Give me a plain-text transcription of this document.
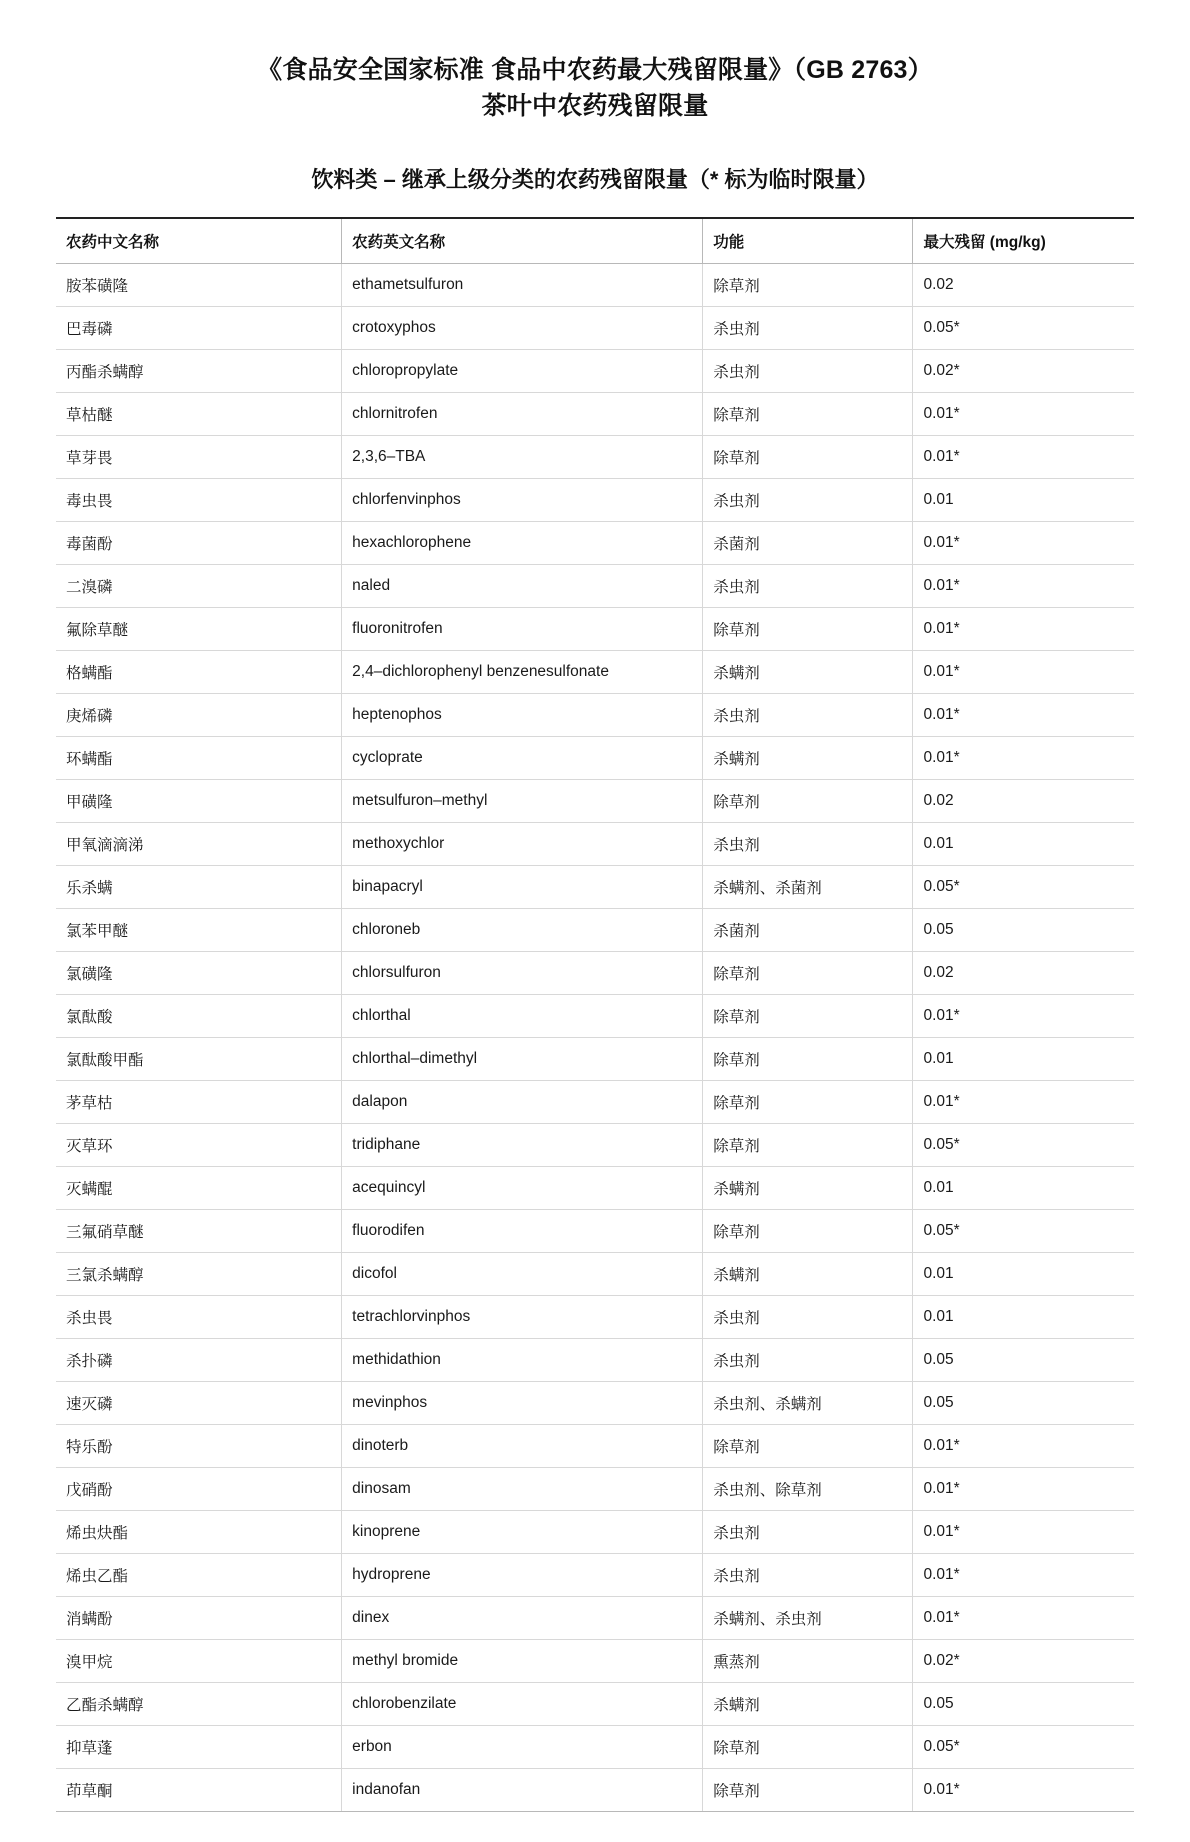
《食品安全国家标准 食品中农药最大残留限量》（GB 2763）
茶叶中农药残留限量
饮料类 – 继承上级分类的农药残留限量（* 标为临时限量）
农药中文名称	农药英文名称	功能	最大残留 (mg/kg)
胺苯磺隆	ethametsulfuron	除草剂	0.02
巴毒磷	crotoxyphos	杀虫剂	0.05*
丙酯杀螨醇	chloropropylate	杀虫剂	0.02*
草枯醚	chlornitrofen	除草剂	0.01*
草芽畏	2,3,6–TBA	除草剂	0.01*
毒虫畏	chlorfenvinphos	杀虫剂	0.01
毒菌酚	hexachlorophene	杀菌剂	0.01*
二溴磷	naled	杀虫剂	0.01*
氟除草醚	fluoronitrofen	除草剂	0.01*
格螨酯	2,4–dichlorophenyl benzenesulfonate	杀螨剂	0.01*
庚烯磷	heptenophos	杀虫剂	0.01*
环螨酯	cycloprate	杀螨剂	0.01*
甲磺隆	metsulfuron–methyl	除草剂	0.02
甲氧滴滴涕	methoxychlor	杀虫剂	0.01
乐杀螨	binapacryl	杀螨剂、杀菌剂	0.05*
氯苯甲醚	chloroneb	杀菌剂	0.05
氯磺隆	chlorsulfuron	除草剂	0.02
氯酞酸	chlorthal	除草剂	0.01*
氯酞酸甲酯	chlorthal–dimethyl	除草剂	0.01
茅草枯	dalapon	除草剂	0.01*
灭草环	tridiphane	除草剂	0.05*
灭螨醌	acequincyl	杀螨剂	0.01
三氟硝草醚	fluorodifen	除草剂	0.05*
三氯杀螨醇	dicofol	杀螨剂	0.01
杀虫畏	tetrachlorvinphos	杀虫剂	0.01
杀扑磷	methidathion	杀虫剂	0.05
速灭磷	mevinphos	杀虫剂、杀螨剂	0.05
特乐酚	dinoterb	除草剂	0.01*
戊硝酚	dinosam	杀虫剂、除草剂	0.01*
烯虫炔酯	kinoprene	杀虫剂	0.01*
烯虫乙酯	hydroprene	杀虫剂	0.01*
消螨酚	dinex	杀螨剂、杀虫剂	0.01*
溴甲烷	methyl bromide	熏蒸剂	0.02*
乙酯杀螨醇	chlorobenzilate	杀螨剂	0.05
抑草蓬	erbon	除草剂	0.05*
茚草酮	indanofan	除草剂	0.01*
